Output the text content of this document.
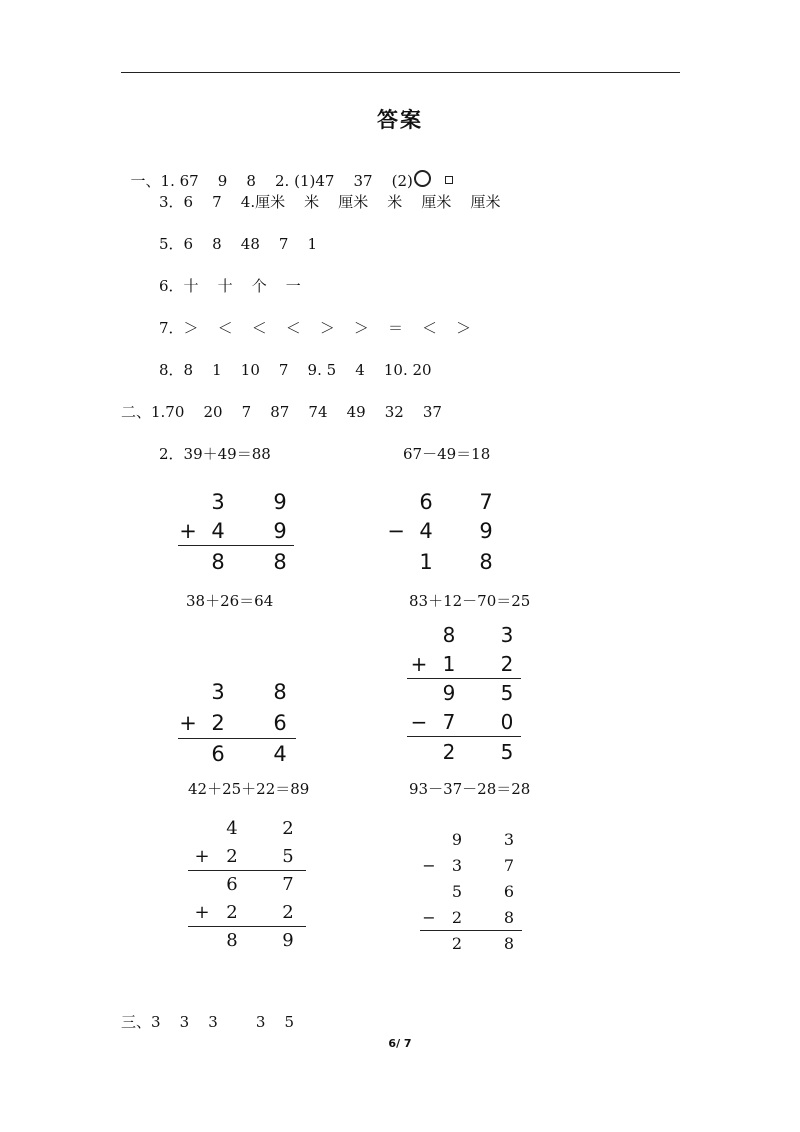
答案

一、1. 67    9    8    2. (1)47    37    (2)

3．6    7    4.厘米    米    厘米    米    厘米    厘米
5．6    8    48    7    1
6．十    十    个    一
7．＞    ＜    ＜    ＜    ＞    ＞    ＝    ＜    ＞
8．8    1    10    7    9. 5    4    10. 20
二、1.70    20    7    87    74    49    32    37
2．39＋49＝88	67－49＝18
3 9
+ 4 9
8 8
6 7
− 4 9
1 8
38＋26＝64	83＋12－70＝25
3 8
+ 2 6
6 4
8 3
+ 1 2
9 5
− 7 0
2 5
42＋25＋22＝89	93－37－28＝28
4 2
+ 2 5
6 7
+ 2 2
8 9
9	3
− 3	7
5	6
− 2	8
2	8
三、3    3    3        3    5
6/ 7
